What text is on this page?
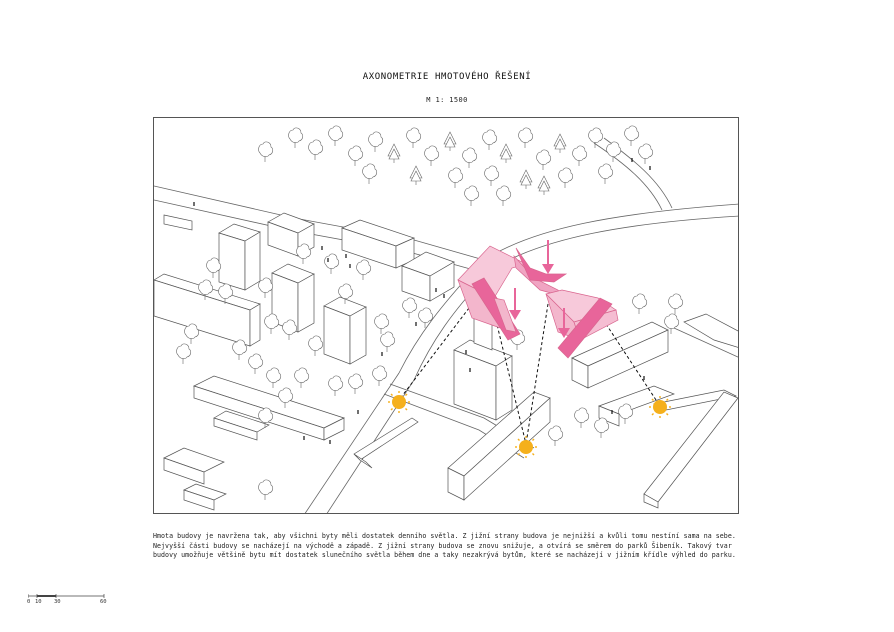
AXONOMETRIE HMOTOVÉHO ŘEŠENÍ
M 1: 1500
Hmota budovy je navržena tak, aby všichni byty měli dostatek denního světla. Z jižní strany budova je nejnižší a kvůli tomu nestíní sama na sebe. Nejvyšší části budovy se nacházejí na východě a západě. Z jižní strany budova se znovu snižuje, a otvírá se směrem do parků Šibeník. Takový tvar budovy umožňuje většině bytu mít dostatek slunečního světla během dne a taky nezakrývá bytům, které se nacházejí v jižním křídle výhled do parku.
0 10 30	60
